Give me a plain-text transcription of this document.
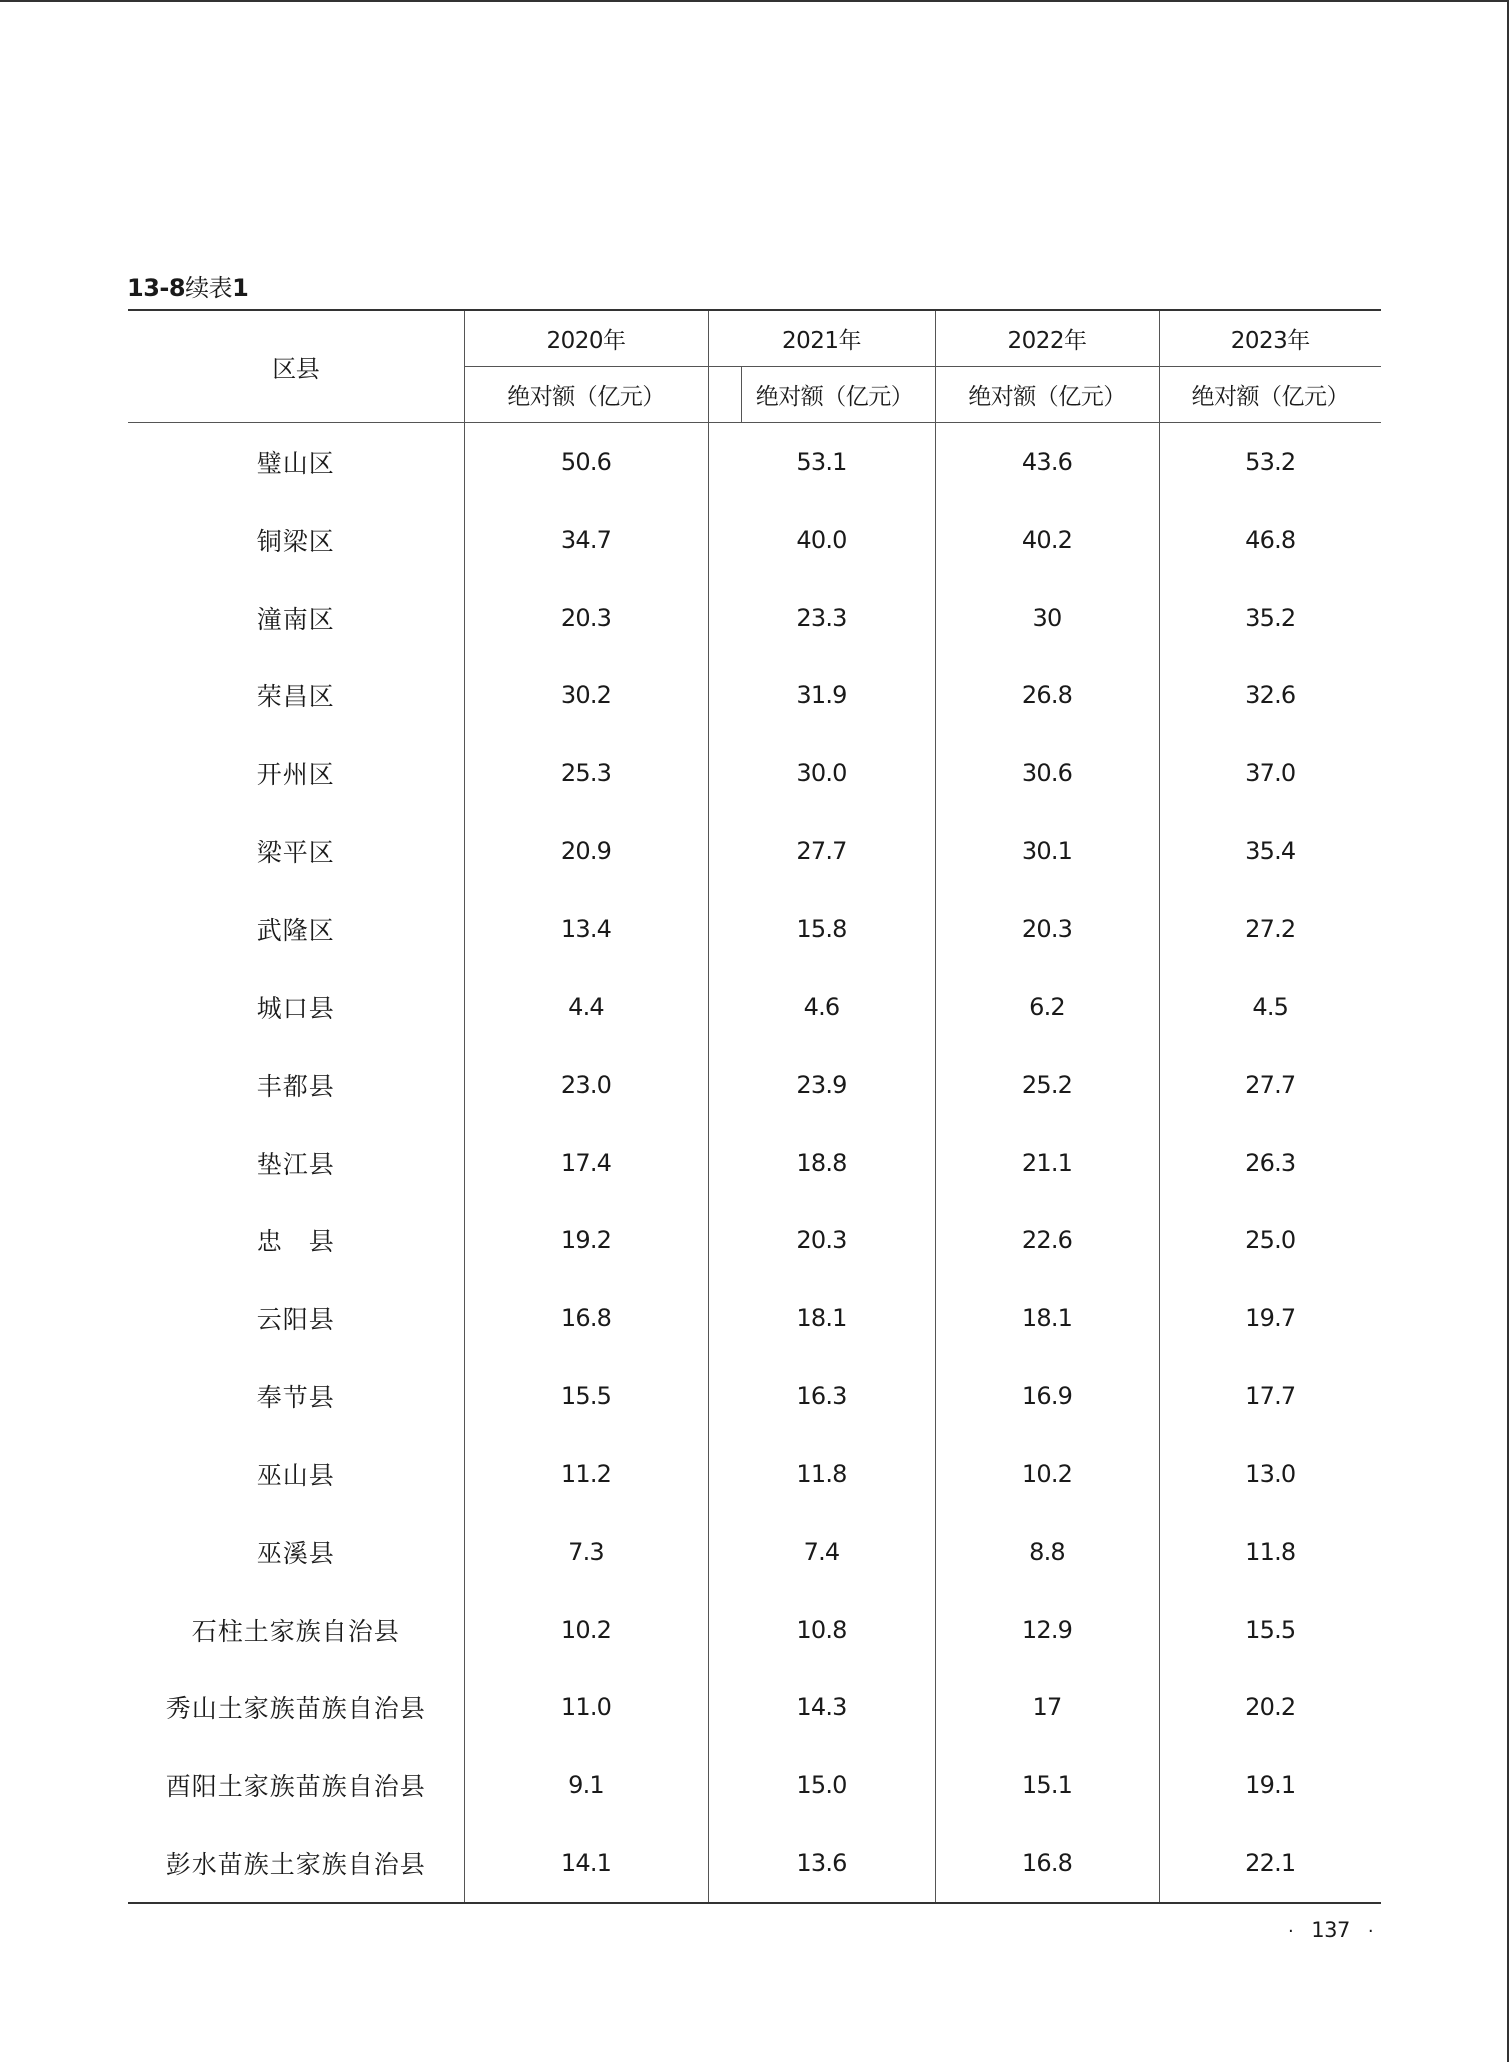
13-8续表1
区县	2020年	2021年	2022年	2023年
	绝对额（亿元）	绝对额（亿元）	绝对额（亿元）	绝对额（亿元）
璧山区	50.6	53.1	43.6	53.2
铜梁区	34.7	40.0	40.2	46.8
潼南区	20.3	23.3	30	35.2
荣昌区	30.2	31.9	26.8	32.6
开州区	25.3	30.0	30.6	37.0
梁平区	20.9	27.7	30.1	35.4
武隆区	13.4	15.8	20.3	27.2
城口县	4.4	4.6	6.2	4.5
丰都县	23.0	23.9	25.2	27.7
垫江县	17.4	18.8	21.1	26.3
忠　县	19.2	20.3	22.6	25.0
云阳县	16.8	18.1	18.1	19.7
奉节县	15.5	16.3	16.9	17.7
巫山县	11.2	11.8	10.2	13.0
巫溪县	7.3	7.4	8.8	11.8
石柱土家族自治县	10.2	10.8	12.9	15.5
秀山土家族苗族自治县	11.0	14.3	17	20.2
酉阳土家族苗族自治县	9.1	15.0	15.1	19.1
彭水苗族土家族自治县	14.1	13.6	16.8	22.1
· 137 ·
